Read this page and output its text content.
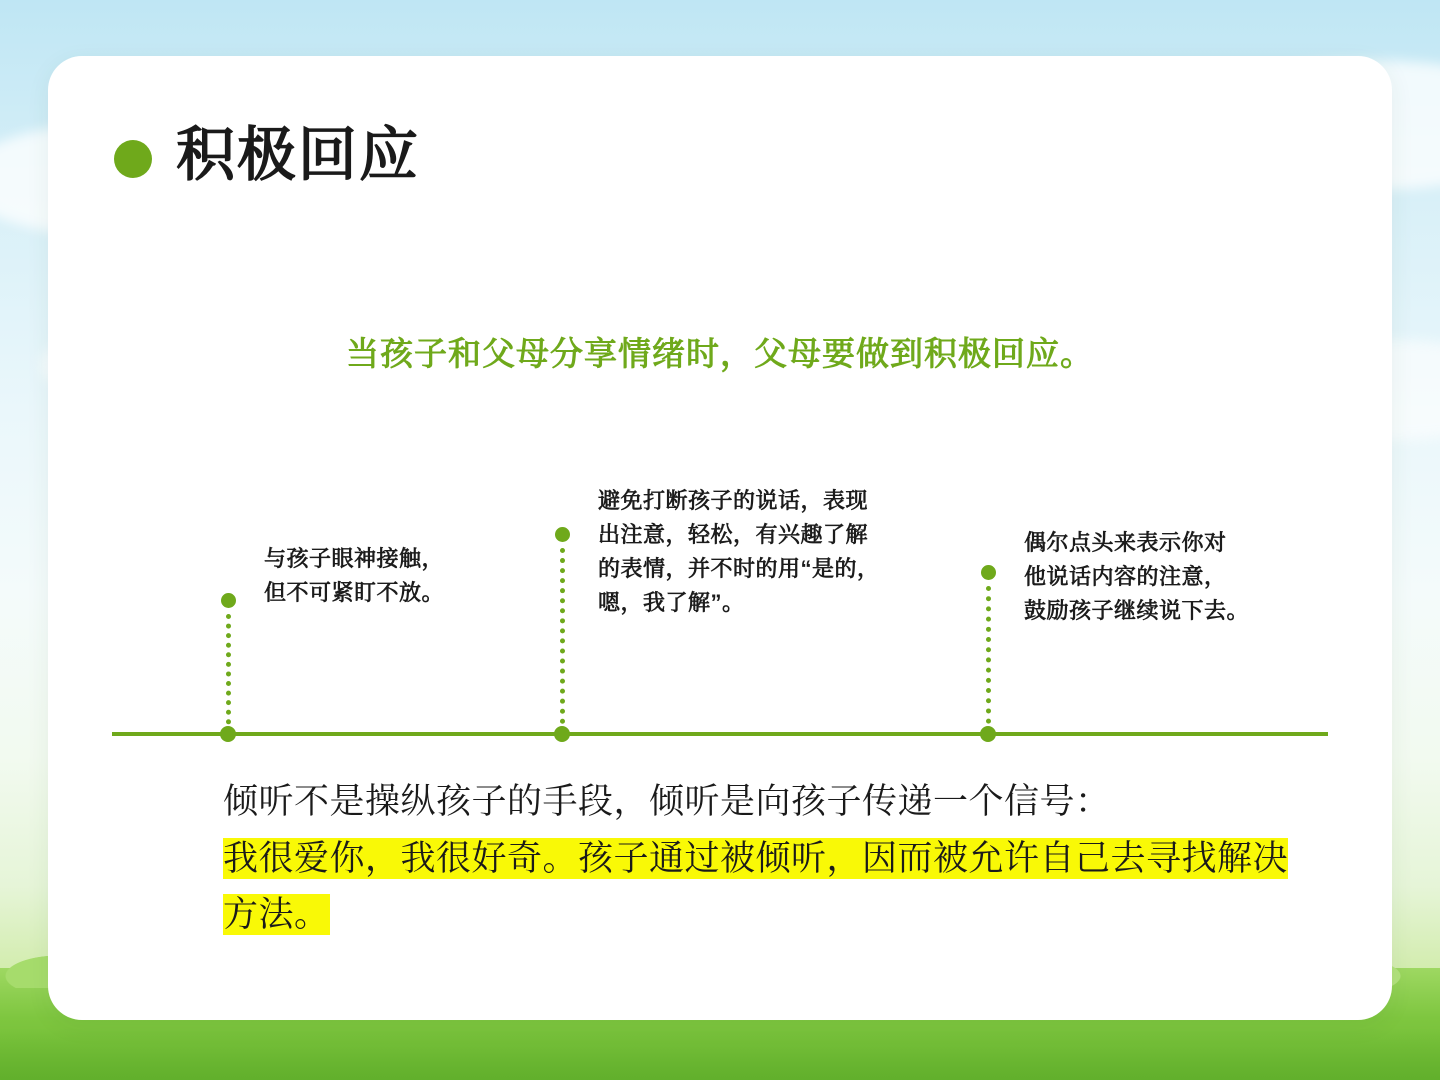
积极回应
当孩子和父母分享情绪时，父母要做到积极回应。
与孩子眼神接触，
但不可紧盯不放。
避免打断孩子的说话，表现
出注意，轻松，有兴趣了解
的表情，并不时的用“是的，
嗯，我了解”。
偶尔点头来表示你对
他说话内容的注意，
鼓励孩子继续说下去。
倾听不是操纵孩子的手段，倾听是向孩子传递一个信号：
我很爱你，我很好奇。孩子通过被倾听，因而被允许自己去寻找解决方法。
